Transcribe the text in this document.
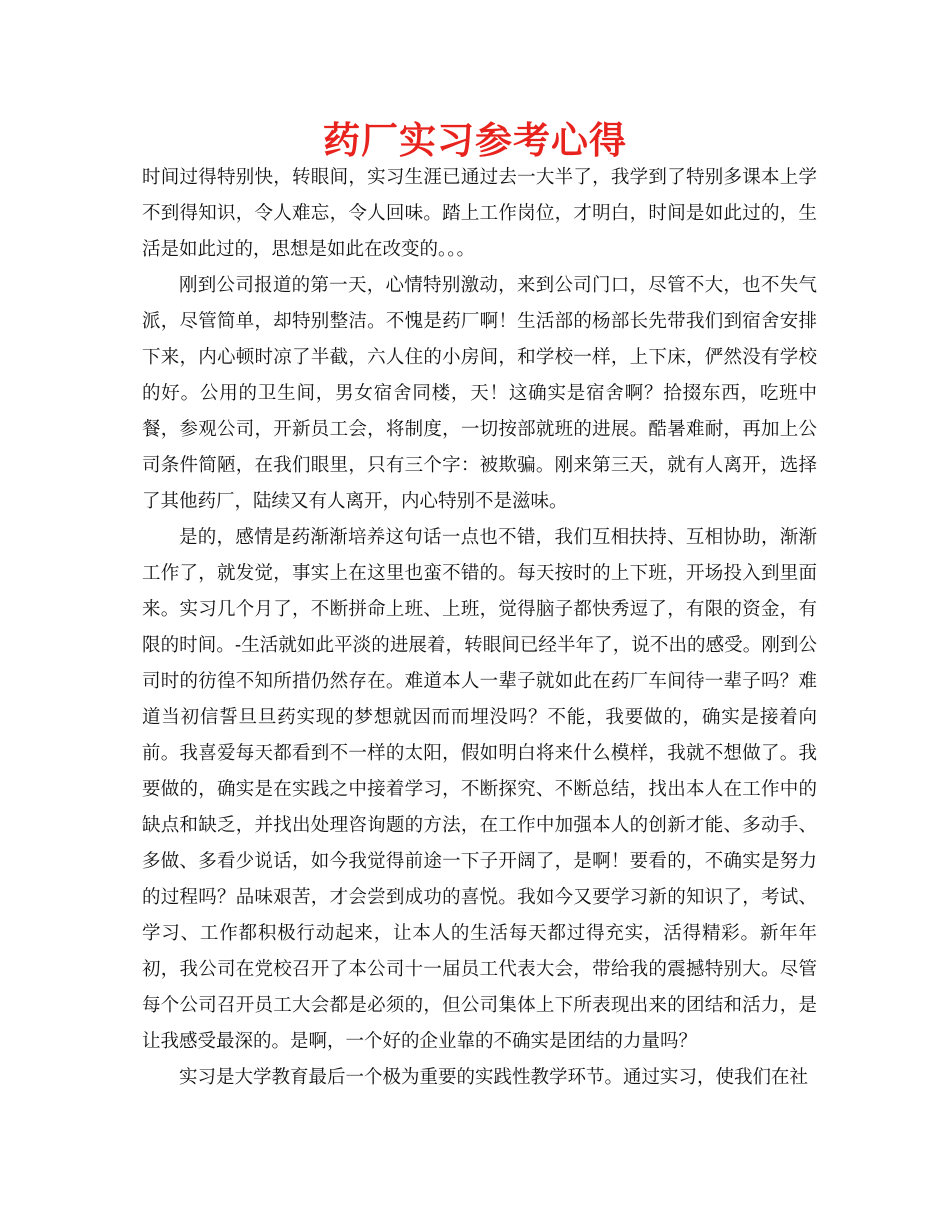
药厂实习参考心得

时间过得特别快，转眼间，实习生涯已通过去一大半了，我学到了特别多课本上学不到得知识，令人难忘，令人回味。踏上工作岗位，才明白，时间是如此过的，生活是如此过的，思想是如此在改变的。。。

刚到公司报道的第一天，心情特别激动，来到公司门口，尽管不大，也不失气派，尽管简单，却特别整洁。不愧是药厂啊！生活部的杨部长先带我们到宿舍安排下来，内心顿时凉了半截，六人住的小房间，和学校一样，上下床，俨然没有学校的好。公用的卫生间，男女宿舍同楼，天！这确实是宿舍啊？拾掇东西，吃班中餐，参观公司，开新员工会，将制度，一切按部就班的进展。酷暑难耐，再加上公司条件简陋，在我们眼里，只有三个字：被欺骗。刚来第三天，就有人离开，选择了其他药厂，陆续又有人离开，内心特别不是滋味。

是的，感情是药渐渐培养这句话一点也不错，我们互相扶持、互相协助，渐渐工作了，就发觉，事实上在这里也蛮不错的。每天按时的上下班，开场投入到里面来。实习几个月了，不断拼命上班、上班，觉得脑子都快秀逗了，有限的资金，有限的时间。-生活就如此平淡的进展着，转眼间已经半年了，说不出的感受。刚到公司时的彷徨不知所措仍然存在。难道本人一辈子就如此在药厂车间待一辈子吗？难道当初信誓旦旦药实现的梦想就因而而埋没吗？不能，我要做的，确实是接着向前。我喜爱每天都看到不一样的太阳，假如明白将来什么模样，我就不想做了。我要做的，确实是在实践之中接着学习，不断探究、不断总结，找出本人在工作中的缺点和缺乏，并找出处理咨询题的方法，在工作中加强本人的创新才能、多动手、多做、多看少说话，如今我觉得前途一下子开阔了，是啊！要看的，不确实是努力的过程吗？品味艰苦，才会尝到成功的喜悦。我如今又要学习新的知识了，考试、学习、工作都积极行动起来，让本人的生活每天都过得充实，活得精彩。新年年初，我公司在党校召开了本公司十一届员工代表大会，带给我的震撼特别大。尽管每个公司召开员工大会都是必须的，但公司集体上下所表现出来的团结和活力，是让我感受最深的。是啊，一个好的企业靠的不确实是团结的力量吗？

实习是大学教育最后一个极为重要的实践性教学环节。通过实习，使我们在社
